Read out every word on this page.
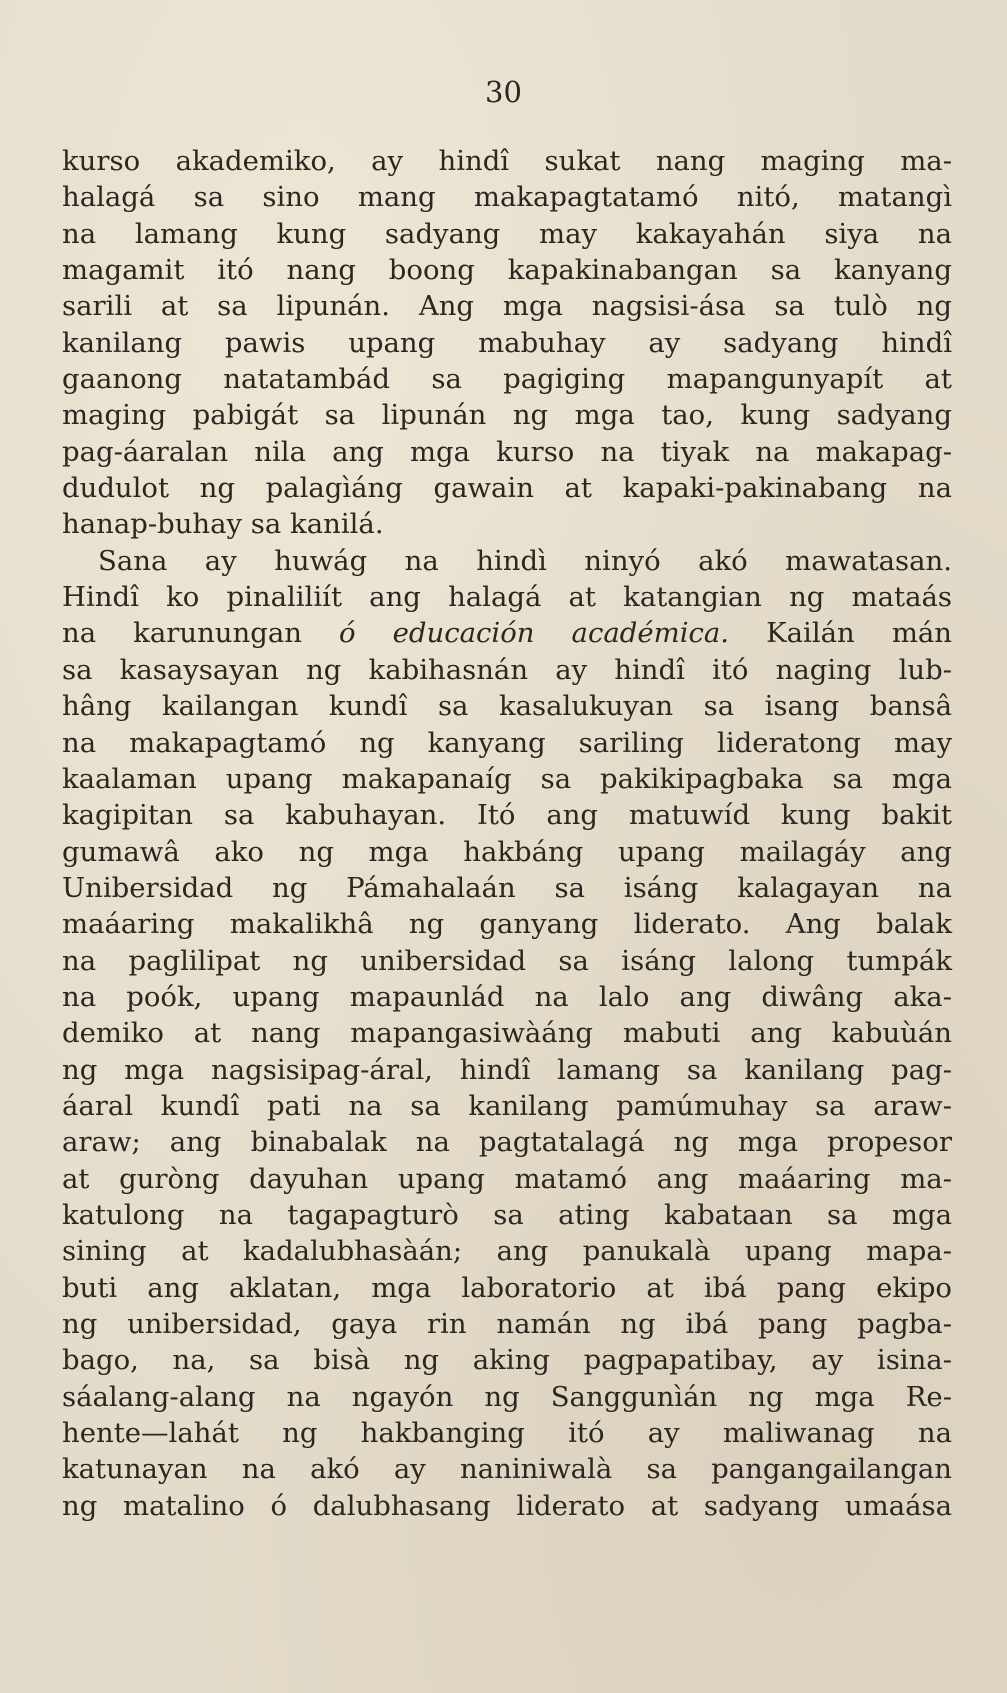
30
kurso akademiko, ay hindî sukat nang maging ma-
halagá sa sino mang makapagtatamó nitó, matangì
na lamang kung sadyang may kakayahán siya na
magamit itó nang boong kapakinabangan sa kanyang
sarili at sa lipunán. Ang mga nagsisi-ása sa tulò ng
kanilang pawis upang mabuhay ay sadyang hindî
gaanong natatambád sa pagiging mapangunyapít at
maging pabigát sa lipunán ng mga tao, kung sadyang
pag-áaralan nila ang mga kurso na tiyak na makapag-
dudulot ng palagìáng gawain at kapaki-pakinabang na
hanap-buhay sa kanilá.
Sana ay huwág na hindì ninyó akó mawatasan.
Hindî ko pinaliliít ang halagá at katangian ng mataás
na karunungan ó educación académica. Kailán mán
sa kasaysayan ng kabihasnán ay hindî itó naging lub-
hâng kailangan kundî sa kasalukuyan sa isang bansâ
na makapagtamó ng kanyang sariling lideratong may
kaalaman upang makapanaíg sa pakikipagbaka sa mga
kagipitan sa kabuhayan. Itó ang matuwíd kung bakit
gumawâ ako ng mga hakbáng upang mailagáy ang
Unibersidad ng Pámahalaán sa isáng kalagayan na
maáaring makalikhâ ng ganyang liderato. Ang balak
na paglilipat ng unibersidad sa isáng lalong tumpák
na poók, upang mapaunlád na lalo ang diwâng aka-
demiko at nang mapangasiwàáng mabuti ang kabuùán
ng mga nagsisipag-áral, hindî lamang sa kanilang pag-
áaral kundî pati na sa kanilang pamúmuhay sa araw-
araw; ang binabalak na pagtatalagá ng mga propesor
at guròng dayuhan upang matamó ang maáaring ma-
katulong na tagapagturò sa ating kabataan sa mga
sining at kadalubhasàán; ang panukalà upang mapa-
buti ang aklatan, mga laboratorio at ibá pang ekipo
ng unibersidad, gaya rin namán ng ibá pang pagba-
bago, na, sa bisà ng aking pagpapatibay, ay isina-
sáalang-alang na ngayón ng Sanggunìán ng mga Re-
hente—lahát ng hakbanging itó ay maliwanag na
katunayan na akó ay naniniwalà sa pangangailangan
ng matalino ó dalubhasang liderato at sadyang umaása
